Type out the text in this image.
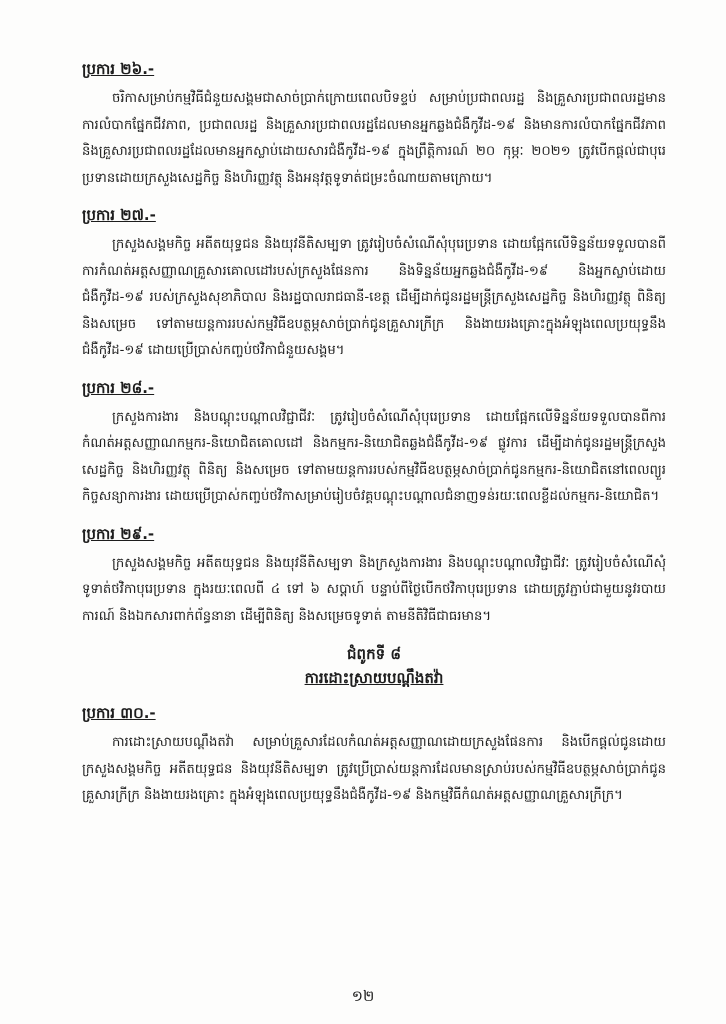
ប្រការ ២៦.-

ចរិកាសម្រាប់កម្មវិធីជំនួយសង្គមជាសាច់ប្រាក់ក្រោយពេលបិទខ្ទប់ សម្រាប់ប្រជាពលរដ្ឋ និងគ្រួសារប្រជាពលរដ្ឋមានការលំបាកផ្នែកជីវភាព, ប្រជាពលរដ្ឋ និងគ្រួសារប្រជាពលរដ្ឋដែលមានអ្នកឆ្លងជំងឺកូវីដ-១៩ និងមានការលំបាកផ្នែកជីវភាព និងគ្រួសារប្រជាពលរដ្ឋដែលមានអ្នកស្លាប់ដោយសារជំងឺកូវីដ-១៩ ក្នុងព្រឹត្តិការណ៍ ២០ កុម្ភៈ ២០២១ ត្រូវបើកផ្តល់ជាបុរេប្រទានដោយក្រសួងសេដ្ឋកិច្ច និងហិរញ្ញវត្ថុ និងអនុវត្តទូទាត់ជម្រះចំណាយតាមក្រោយ។

ប្រការ ២៧.-

ក្រសួងសង្គមកិច្ច អតីតយុទ្ធជន និងយុវនីតិសម្បទា ត្រូវរៀបចំសំណើសុំបុរេប្រទាន ដោយផ្អែកលើទិន្នន័យទទួលបានពីការកំណត់អត្តសញ្ញាណគ្រួសារគោលដៅរបស់ក្រសួងផែនការ និងទិន្នន័យអ្នកឆ្លងជំងឺកូវីដ-១៩ និងអ្នកស្លាប់ដោយជំងឺកូវីដ-១៩ របស់ក្រសួងសុខាភិបាល និងរដ្ឋបាលរាជធានី-ខេត្ត ដើម្បីដាក់ជូនរដ្ឋមន្ត្រីក្រសួងសេដ្ឋកិច្ច និងហិរញ្ញវត្ថុ ពិនិត្យ និងសម្រេច ទៅតាមយន្តការរបស់កម្មវិធីឧបត្ថម្ភសាច់ប្រាក់ជូនគ្រួសារក្រីក្រ និងងាយរងគ្រោះក្នុងអំឡុងពេលប្រយុទ្ធនឹងជំងឺកូវីដ-១៩ ដោយប្រើប្រាស់កញ្ចប់ថវិកាជំនួយសង្គម។

ប្រការ ២៨.-

ក្រសួងការងារ និងបណ្តុះបណ្តាលវិជ្ជាជីវៈ ត្រូវរៀបចំសំណើសុំបុរេប្រទាន ដោយផ្អែកលើទិន្នន័យទទួលបានពីការកំណត់អត្តសញ្ញាណកម្មករ-និយោជិតគោលដៅ និងកម្មករ-និយោជិតឆ្លងជំងឺកូវីដ-១៩ ផ្លូវការ ដើម្បីដាក់ជូនរដ្ឋមន្ត្រីក្រសួងសេដ្ឋកិច្ច និងហិរញ្ញវត្ថុ ពិនិត្យ និងសម្រេច ទៅតាមយន្តការរបស់កម្មវិធីឧបត្ថម្ភសាច់ប្រាក់ជូនកម្មករ-និយោជិតនៅពេលព្យួរកិច្ចសន្យាការងារ ដោយប្រើប្រាស់កញ្ចប់ថវិកាសម្រាប់រៀបចំវគ្គបណ្តុះបណ្តាលជំនាញទន់រយៈពេលខ្លីដល់កម្មករ-និយោជិត។

ប្រការ ២៩.-

ក្រសួងសង្គមកិច្ច អតីតយុទ្ធជន និងយុវនីតិសម្បទា និងក្រសួងការងារ និងបណ្តុះបណ្តាលវិជ្ជាជីវៈ ត្រូវរៀបចំសំណើសុំទូទាត់ថវិកាបុរេប្រទាន ក្នុងរយៈពេលពី ៤ ទៅ ៦ សប្តាហ៍ បន្ទាប់ពីថ្ងៃបើកថវិកាបុរេប្រទាន ដោយត្រូវភ្ជាប់ជាមួយនូវរបាយការណ៍ និងឯកសារពាក់ព័ន្ធនានា ដើម្បីពិនិត្យ និងសម្រេចទូទាត់ តាមនីតិវិធីជាធរមាន។

ជំពូកទី ៨
ការដោះស្រាយបណ្តឹងតវ៉ា
ប្រការ ៣០.-

ការដោះស្រាយបណ្តឹងតវ៉ា សម្រាប់គ្រួសារដែលកំណត់អត្តសញ្ញាណដោយក្រសួងផែនការ និងបើកផ្តល់ជូនដោយក្រសួងសង្គមកិច្ច អតីតយុទ្ធជន និងយុវនីតិសម្បទា ត្រូវប្រើប្រាស់យន្តការដែលមានស្រាប់របស់កម្មវិធីឧបត្ថម្ភសាច់ប្រាក់ជូនគ្រួសារក្រីក្រ និងងាយរងគ្រោះ ក្នុងអំឡុងពេលប្រយុទ្ធនឹងជំងឺកូវីដ-១៩ និងកម្មវិធីកំណត់អត្តសញ្ញាណគ្រួសារក្រីក្រ។

១២
